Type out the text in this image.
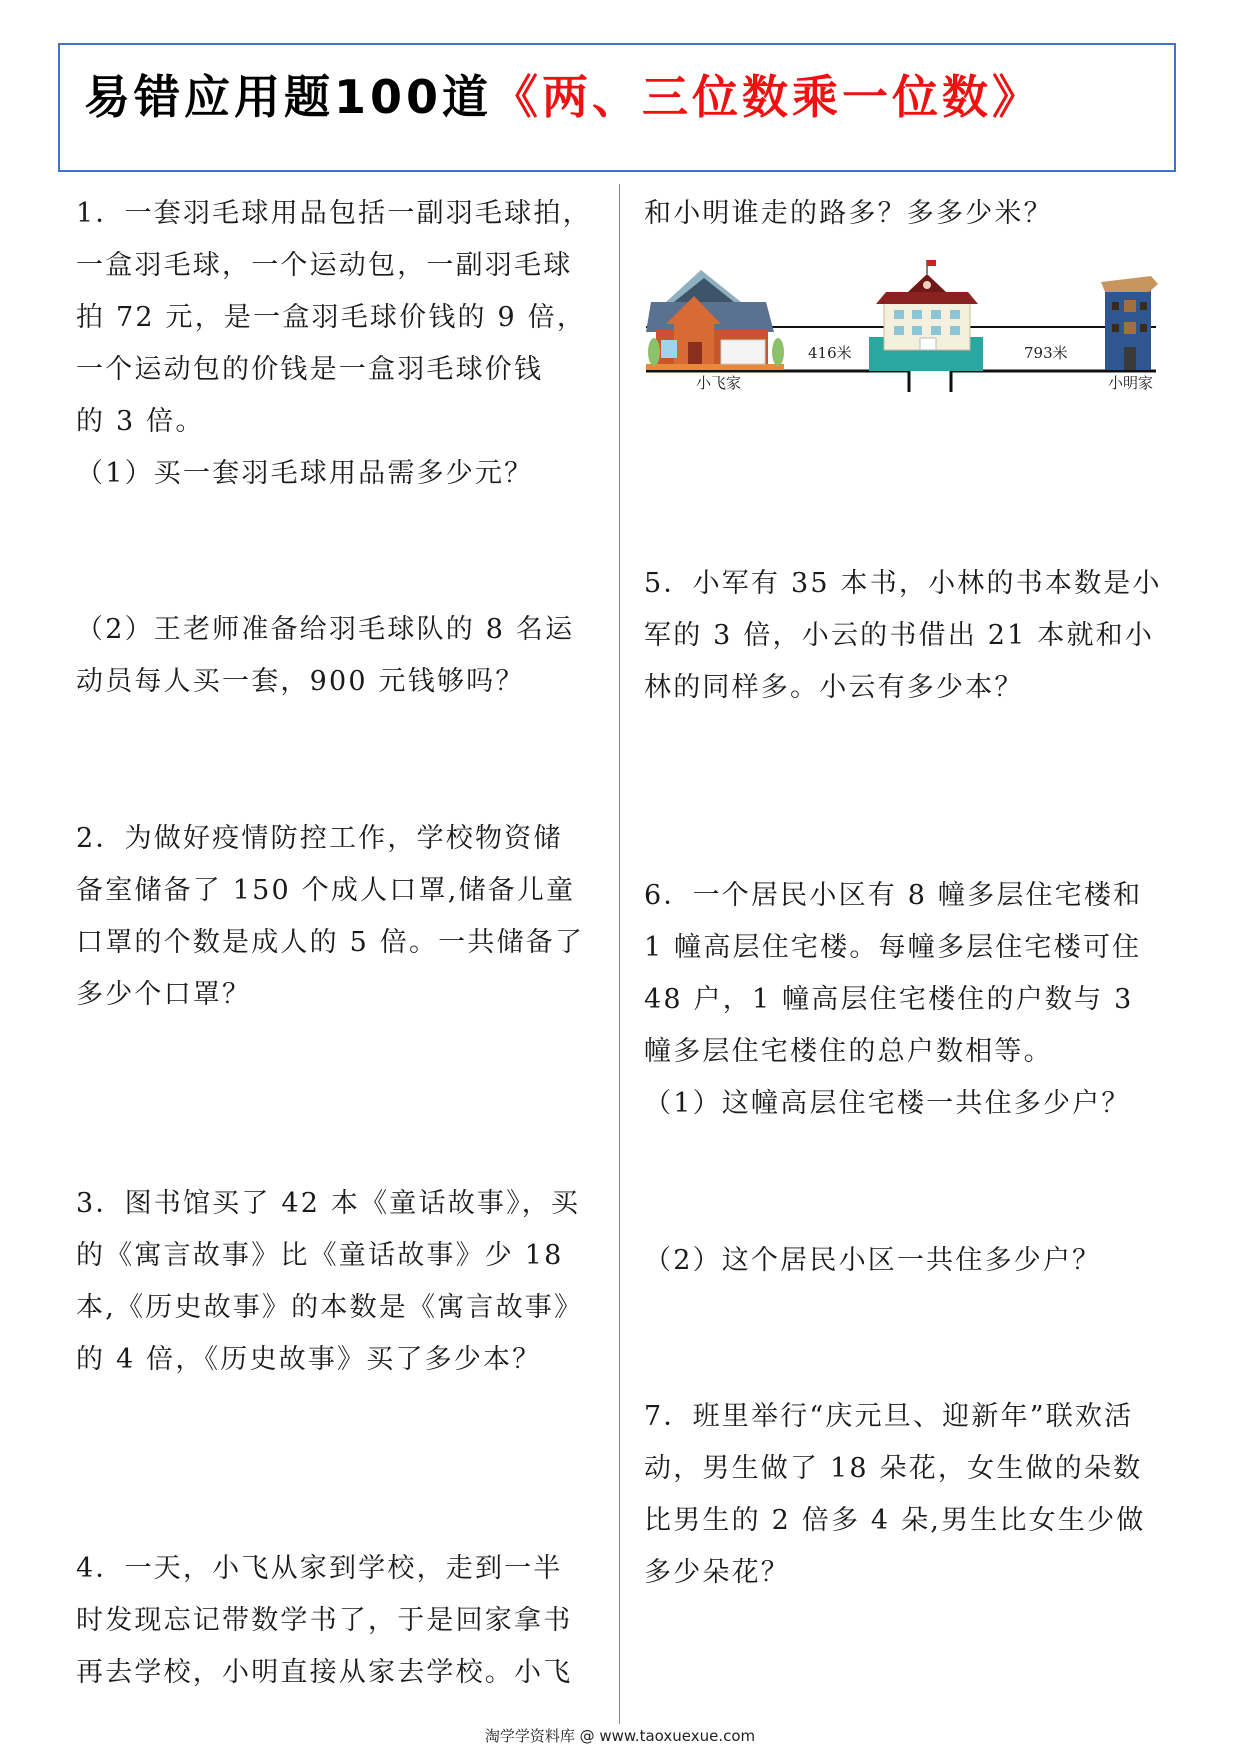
易错应用题100道《两、三位数乘一位数》
1．一套羽毛球用品包括一副羽毛球拍，
一盒羽毛球，一个运动包，一副羽毛球
拍 72 元，是一盒羽毛球价钱的 9 倍，
一个运动包的价钱是一盒羽毛球价钱
的 3 倍。
（1）买一套羽毛球用品需多少元？
（2）王老师准备给羽毛球队的 8 名运
动员每人买一套，900 元钱够吗？
2．为做好疫情防控工作，学校物资储
备室储备了 150 个成人口罩,储备儿童
口罩的个数是成人的 5 倍。一共储备了
多少个口罩？
3．图书馆买了 42 本《童话故事》，买
的《寓言故事》比《童话故事》少 18
本,《历史故事》的本数是《寓言故事》
的 4 倍，《历史故事》买了多少本？
4．一天，小飞从家到学校，走到一半
时发现忘记带数学书了，于是回家拿书
再去学校，小明直接从家去学校。小飞
和小明谁走的路多？多多少米？
小飞家
416米	793米
小明家
5．小军有 35 本书，小林的书本数是小
军的 3 倍，小云的书借出 21 本就和小
林的同样多。小云有多少本？
6．一个居民小区有 8 幢多层住宅楼和
1 幢高层住宅楼。每幢多层住宅楼可住
48 户，1 幢高层住宅楼住的户数与 3
幢多层住宅楼住的总户数相等。
（1）这幢高层住宅楼一共住多少户？
（2）这个居民小区一共住多少户？
7．班里举行“庆元旦、迎新年”联欢活
动，男生做了 18 朵花，女生做的朵数
比男生的 2 倍多 4 朵,男生比女生少做
多少朵花？
淘学学资料库 @ www.taoxuexue.com
